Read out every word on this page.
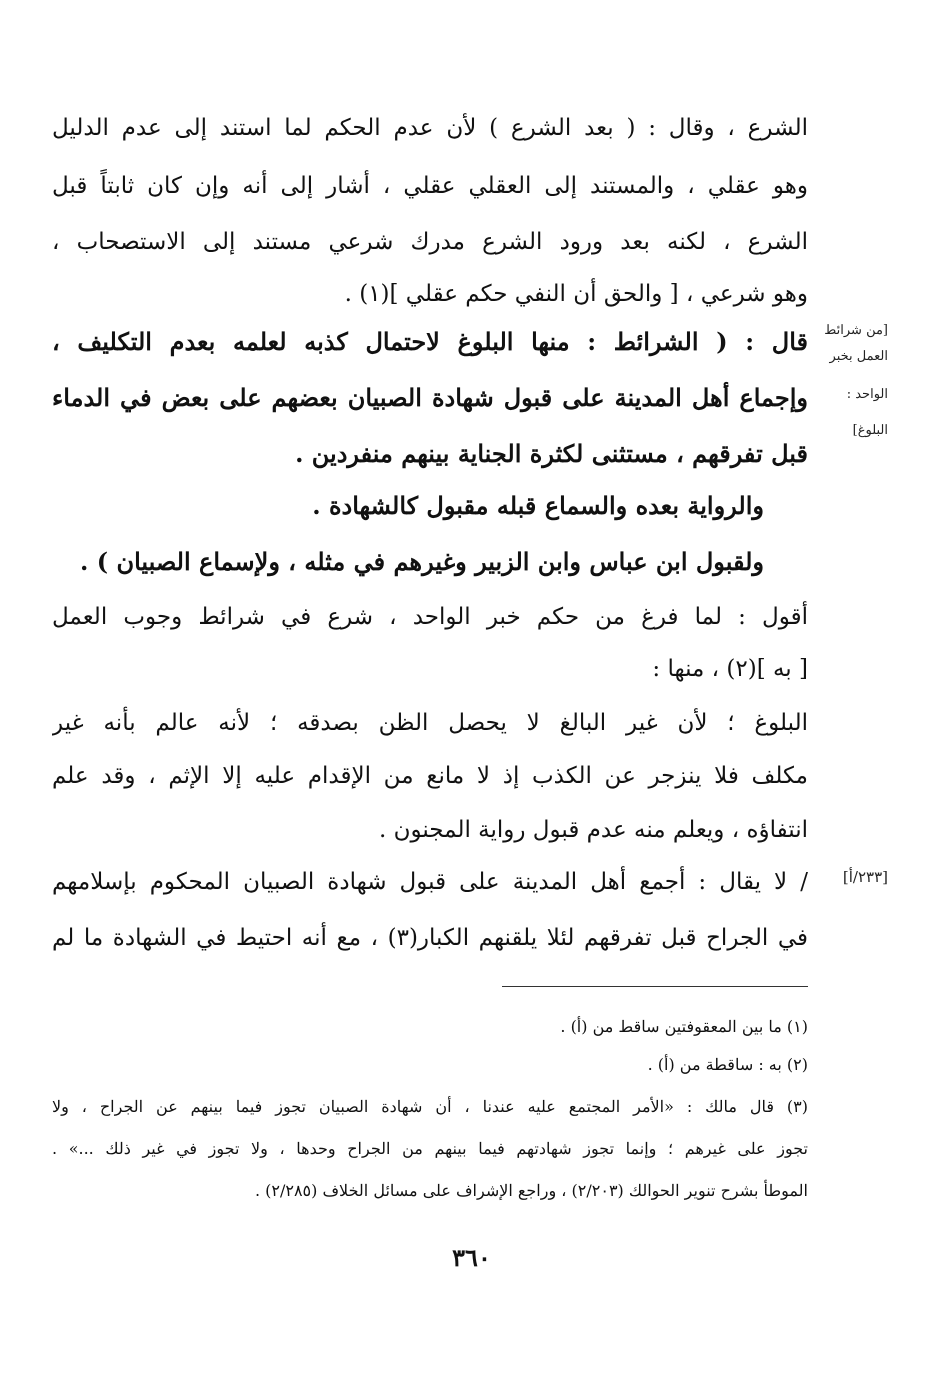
الشرع ، وقال : ( بعد الشرع ) لأن عدم الحكم لما استند إلى عدم الدليل
وهو عقلي ، والمستند إلى العقلي عقلي ، أشار إلى أنه وإن كان ثابتاً قبل
الشرع ، لكنه بعد ورود الشرع مدرك شرعي مستند إلى الاستصحاب ،
وهو شرعي ، [ والحق أن النفي حكم عقلي ](١) .
قال : ( الشرائط : منها البلوغ لاحتمال كذبه لعلمه بعدم التكليف ،
وإجماع أهل المدينة على قبول شهادة الصبيان بعضهم على بعض في الدماء
قبل تفرقهم ، مستثنى لكثرة الجناية بينهم منفردين .
والرواية بعده والسماع قبله مقبول كالشهادة .
ولقبول ابن عباس وابن الزبير وغيرهم في مثله ، ولإسماع الصبيان ) .
أقول : لما فرغ من حكم خبر الواحد ، شرع في شرائط وجوب العمل
[ به ](٢) ، منها :
البلوغ ؛ لأن غير البالغ لا يحصل الظن بصدقه ؛ لأنه عالم بأنه غير
مكلف فلا ينزجر عن الكذب إذ لا مانع من الإقدام عليه إلا الإثم ، وقد علم
انتفاؤه ، ويعلم منه عدم قبول رواية المجنون .
/ لا يقال : أجمع أهل المدينة على قبول شهادة الصبيان المحكوم بإسلامهم
في الجراح قبل تفرقهم لئلا يلقنهم الكبار(٣) ، مع أنه احتيط في الشهادة ما لم
[من شرائط
العمل بخبر
الواحد :
البلوغ]
[٢٣٣/أ]
(١) ما بين المعقوفتين ساقط من (أ) .
(٢) به : ساقطة من (أ) .
(٣) قال مالك : «الأمر المجتمع عليه عندنا ، أن شهادة الصبيان تجوز فيما بينهم عن الجراح ، ولا
تجوز على غيرهم ؛ وإنما تجوز شهادتهم فيما بينهم من الجراح وحدها ، ولا تجوز في غير ذلك ...» .
الموطأ بشرح تنوير الحوالك (٢/٢٠٣) ، وراجع الإشراف على مسائل الخلاف (٢/٢٨٥) .
٣٦٠
